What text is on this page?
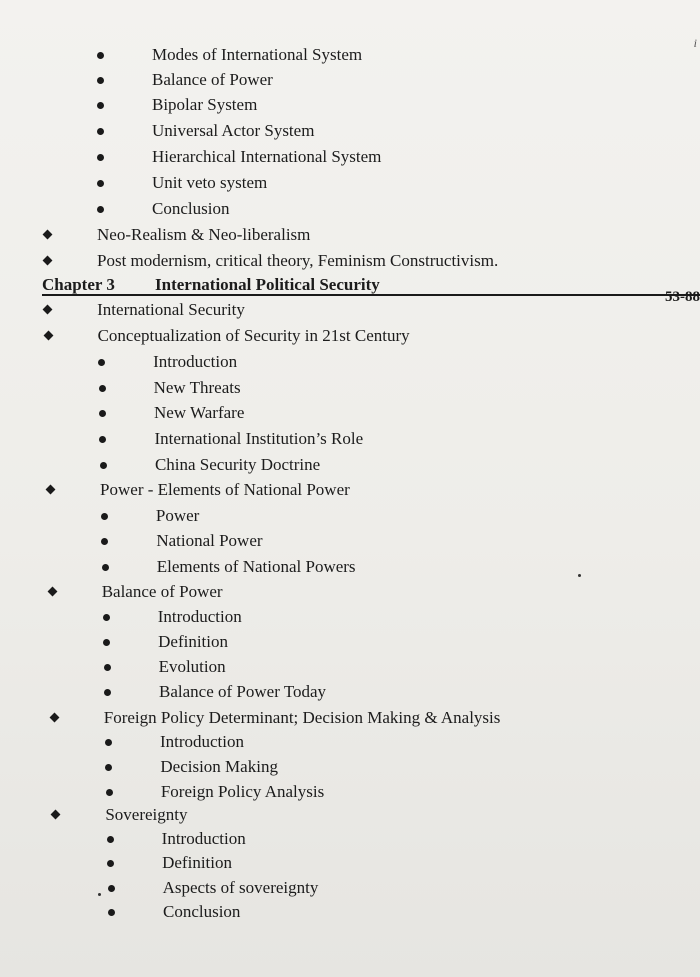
i
Modes of International System
Balance of Power
Bipolar System
Universal Actor System
Hierarchical International System
Unit veto system
Conclusion
Neo-Realism & Neo-liberalism
Post modernism, critical theory, Feminism Constructivism.
Chapter 3 International Political Security
53-88
International Security
Conceptualization of Security in 21st Century
Introduction
New Threats
New Warfare
International Institution’s Role
China Security Doctrine
Power - Elements of National Power
Power
National Power
Elements of National Powers
Balance of Power
Introduction
Definition
Evolution
Balance of Power Today
Foreign Policy Determinant; Decision Making & Analysis
Introduction
Decision Making
Foreign Policy Analysis
Sovereignty
Introduction
Definition
Aspects of sovereignty
Conclusion
